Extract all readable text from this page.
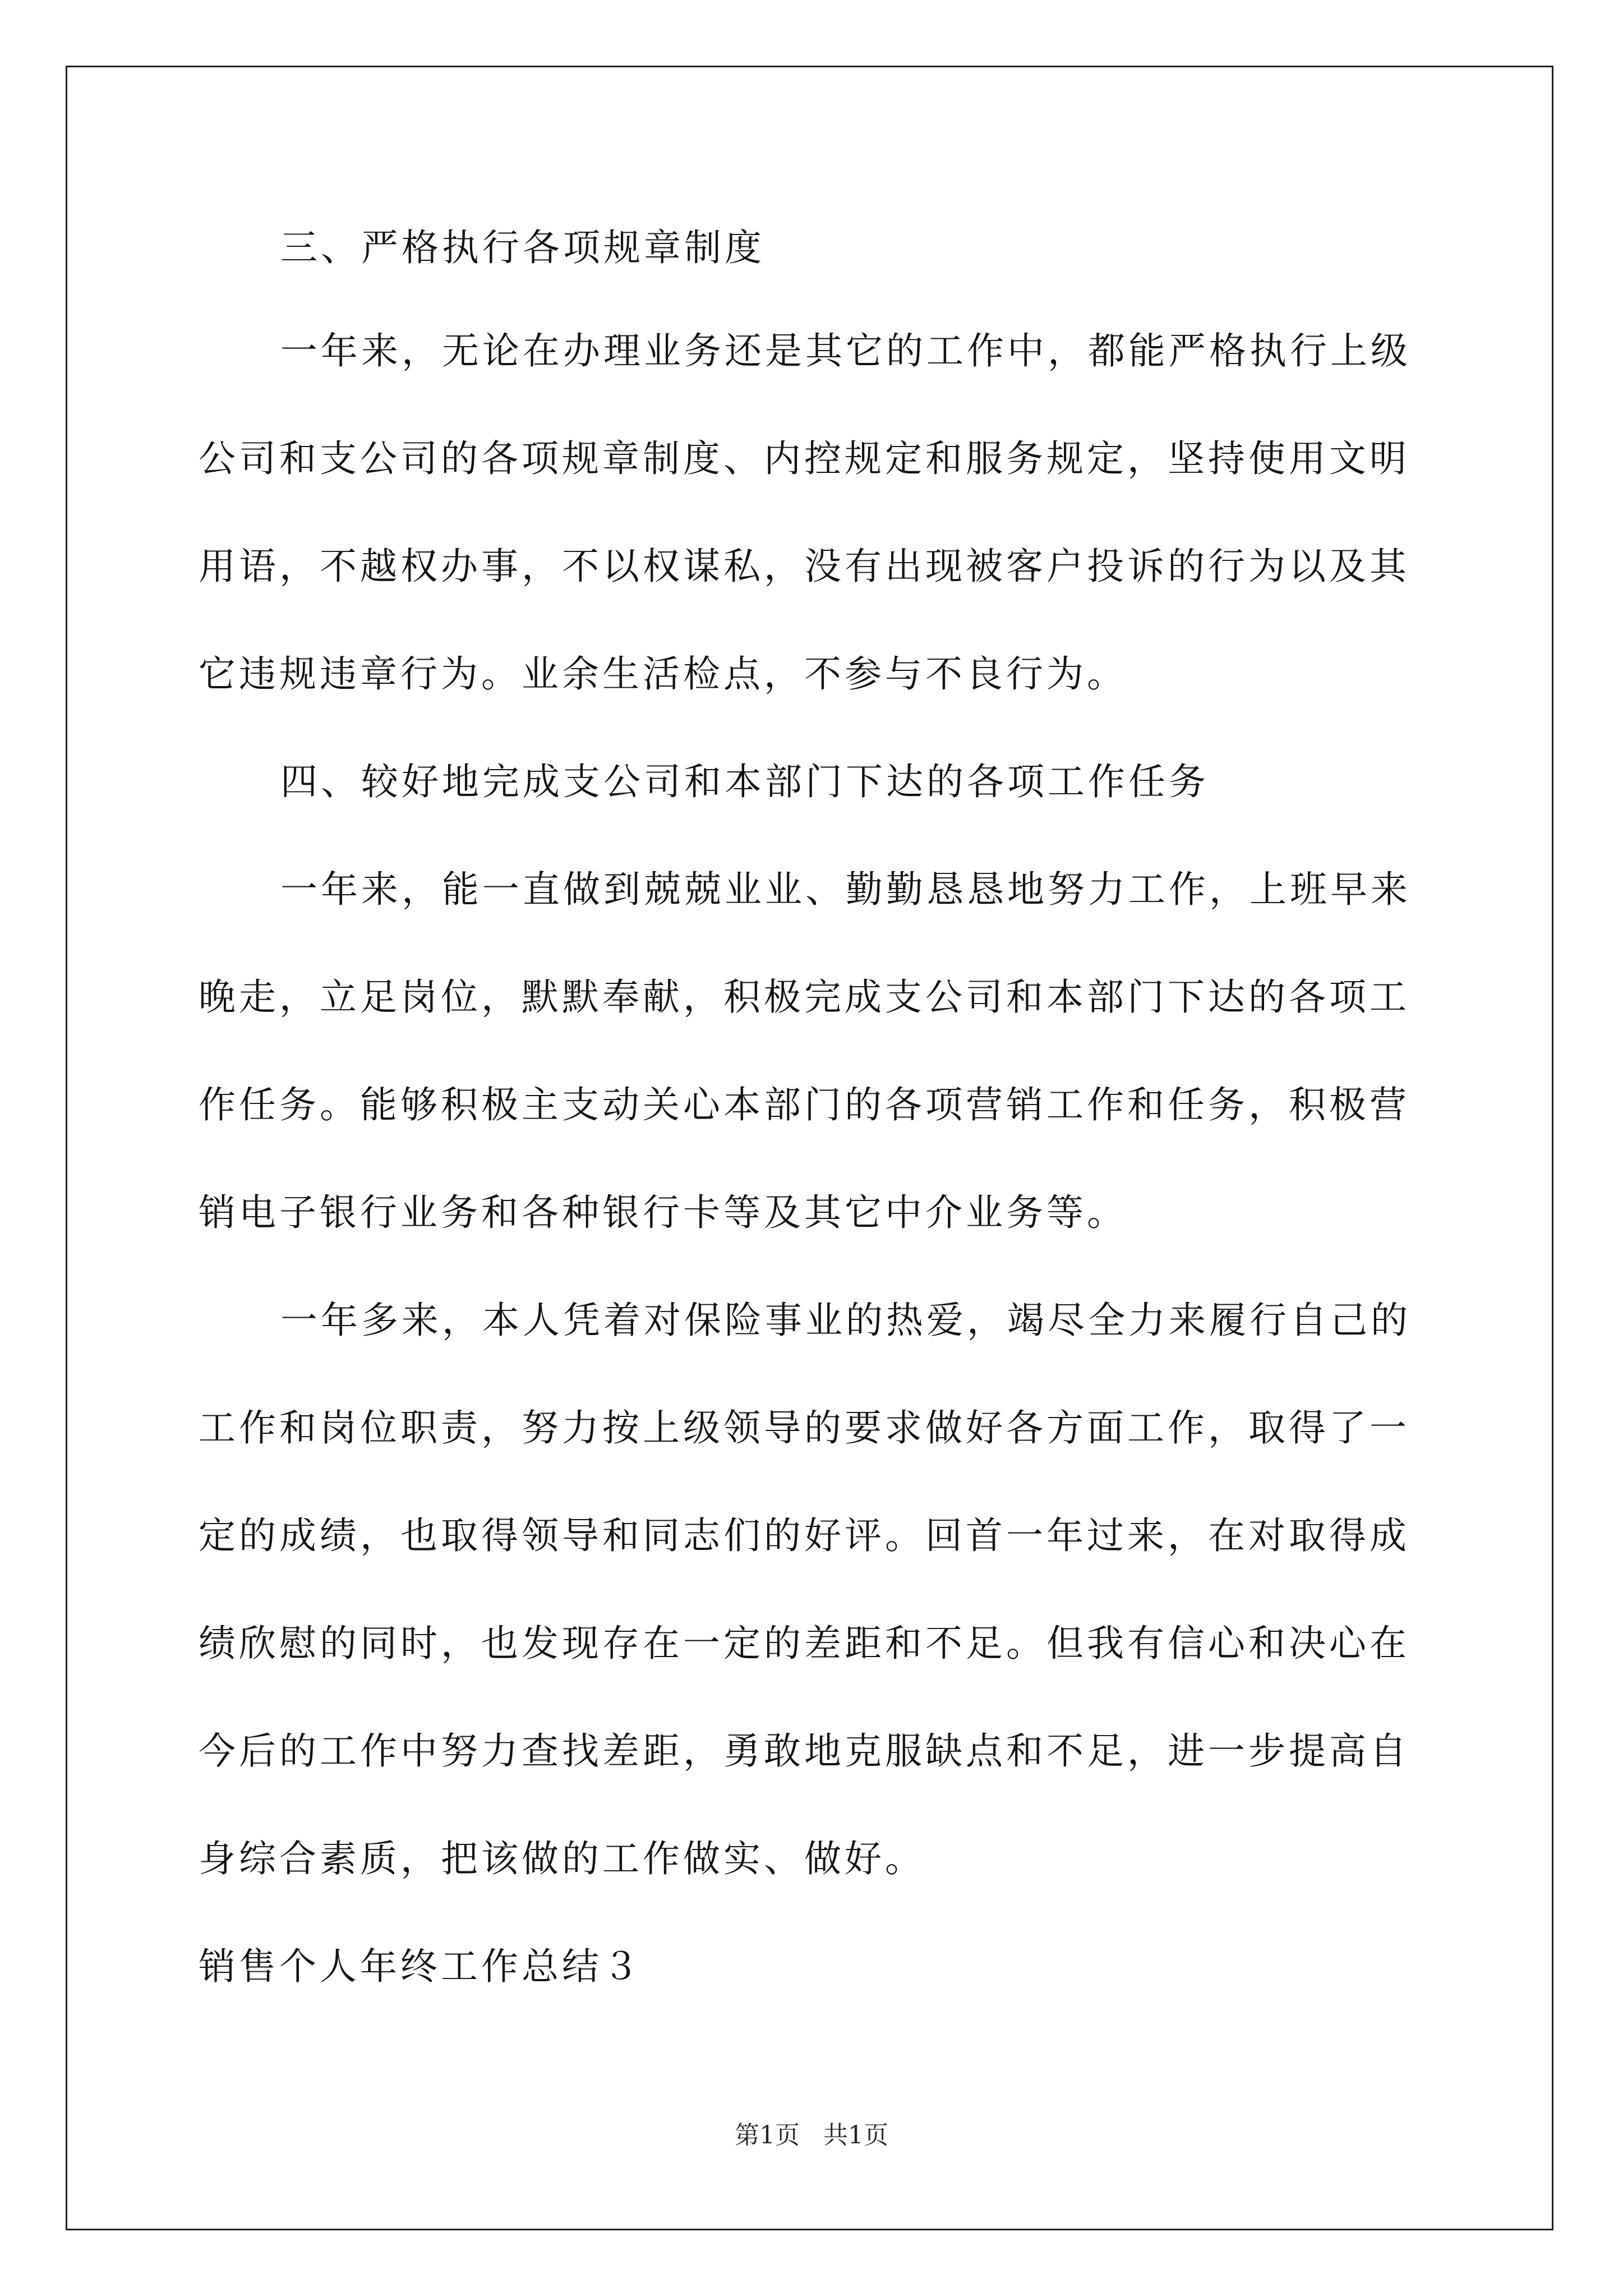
三、严格执行各项规章制度
一年来，无论在办理业务还是其它的工作中，都能严格执行上级
公司和支公司的各项规章制度、内控规定和服务规定，坚持使用文明
用语，不越权办事，不以权谋私，没有出现被客户投诉的行为以及其
它违规违章行为。业余生活检点，不参与不良行为。
四、较好地完成支公司和本部门下达的各项工作任务
一年来，能一直做到兢兢业业、勤勤恳恳地努力工作，上班早来
晚走，立足岗位，默默奉献，积极完成支公司和本部门下达的各项工
作任务。能够积极主支动关心本部门的各项营销工作和任务，积极营
销电子银行业务和各种银行卡等及其它中介业务等。
一年多来，本人凭着对保险事业的热爱，竭尽全力来履行自己的
工作和岗位职责，努力按上级领导的要求做好各方面工作，取得了一
定的成绩，也取得领导和同志们的好评。回首一年过来，在对取得成
绩欣慰的同时，也发现存在一定的差距和不足。但我有信心和决心在
今后的工作中努力查找差距，勇敢地克服缺点和不足，进一步提高自
身综合素质，把该做的工作做实、做好。
销售个人年终工作总结３
第1页 共1页
